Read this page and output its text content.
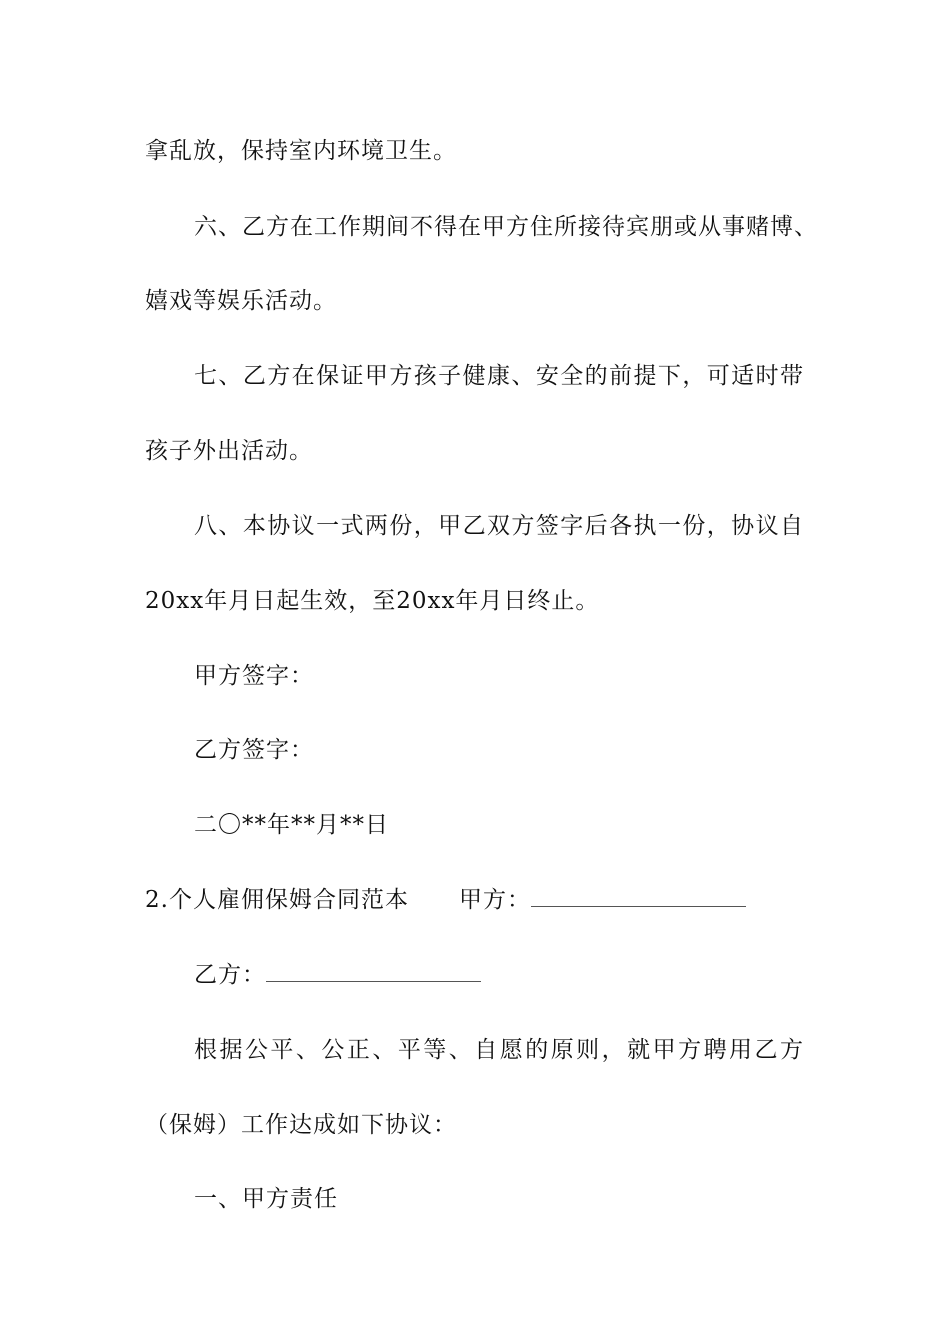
拿乱放，保持室内环境卫生。
六、乙方在工作期间不得在甲方住所接待宾朋或从事赌博、
嬉戏等娱乐活动。
七、乙方在保证甲方孩子健康、安全的前提下，可适时带
孩子外出活动。
八、本协议一式两份，甲乙双方签字后各执一份，协议自
20xx年月日起生效，至20xx年月日终止。
甲方签字：
乙方签字：
二〇**年**月**日
2.个人雇佣保姆合同范本 甲方：
乙方：
根据公平、公正、平等、自愿的原则，就甲方聘用乙方
（保姆）工作达成如下协议：
一、甲方责任
